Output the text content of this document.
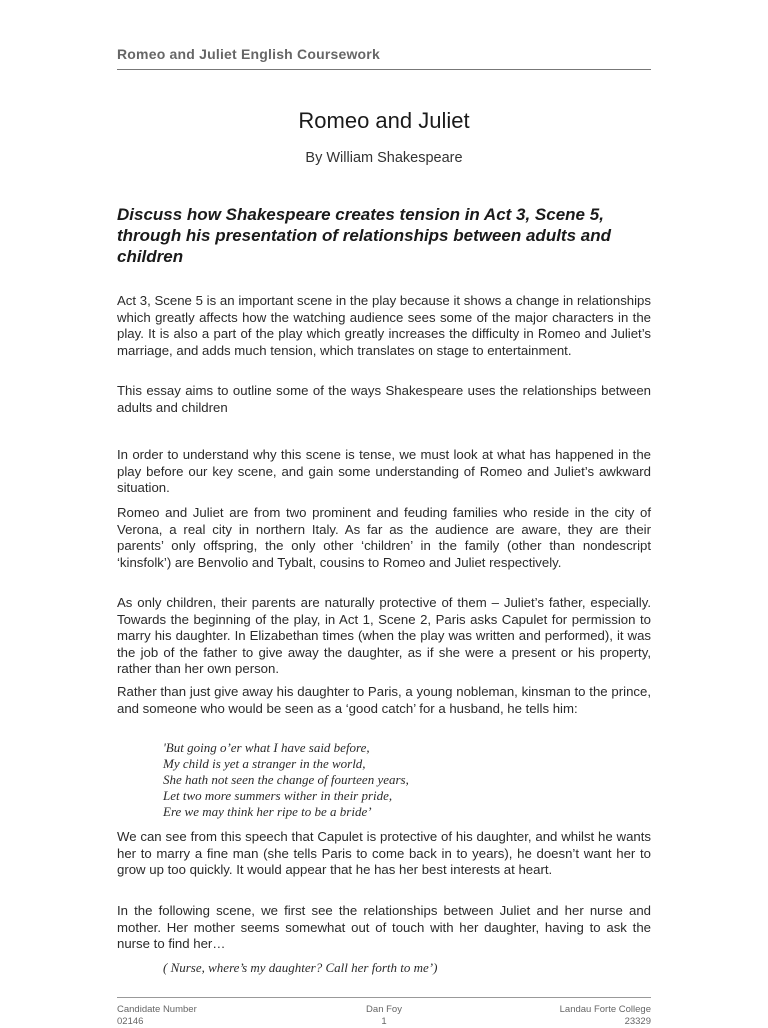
Romeo and Juliet English Coursework
Romeo and Juliet
By William Shakespeare
Discuss how Shakespeare creates tension in Act 3, Scene 5, through his presentation of relationships between adults and children
Act 3, Scene 5 is an important scene in the play because it shows a change in relationships which greatly affects how the watching audience sees some of the major characters in the play. It is also a part of the play which greatly increases the difficulty in Romeo and Juliet’s marriage, and adds much tension, which translates on stage to entertainment.
This essay aims to outline some of the ways Shakespeare uses the relationships between adults and children
In order to understand why this scene is tense, we must look at what has happened in the play before our key scene, and gain some understanding of Romeo and Juliet’s awkward situation.
Romeo and Juliet are from two prominent and feuding families who reside in the city of Verona, a real city in northern Italy. As far as the audience are aware, they are their parents’ only offspring, the only other ‘children’ in the family (other than nondescript ‘kinsfolk’) are Benvolio and Tybalt, cousins to Romeo and Juliet respectively.
As only children, their parents are naturally protective of them – Juliet’s father, especially. Towards the beginning of the play, in Act 1, Scene 2, Paris asks Capulet for permission to marry his daughter. In Elizabethan times (when the play was written and performed), it was the job of the father to give away the daughter, as if she were a present or his property, rather than her own person.
Rather than just give away his daughter to Paris, a young nobleman, kinsman to the prince, and someone who would be seen as a ‘good catch’ for a husband, he tells him:
'But going o’er what I have said before,
My child is yet a stranger in the world,
She hath not seen the change of fourteen years,
Let two more summers wither in their pride,
Ere we may think her ripe to be a bride’
We can see from this speech that Capulet is protective of his daughter, and whilst he wants her to marry a fine man (she tells Paris to come back in to years), he doesn’t want her to grow up too quickly. It would appear that he has her best interests at heart.
In the following scene, we first see the relationships between Juliet and her nurse and mother. Her mother seems somewhat out of touch with her daughter, having to ask the nurse to find her…
( Nurse, where’s my daughter? Call her forth to me’)
Candidate Number
02146
Dan Foy
1
Landau Forte College
23329
